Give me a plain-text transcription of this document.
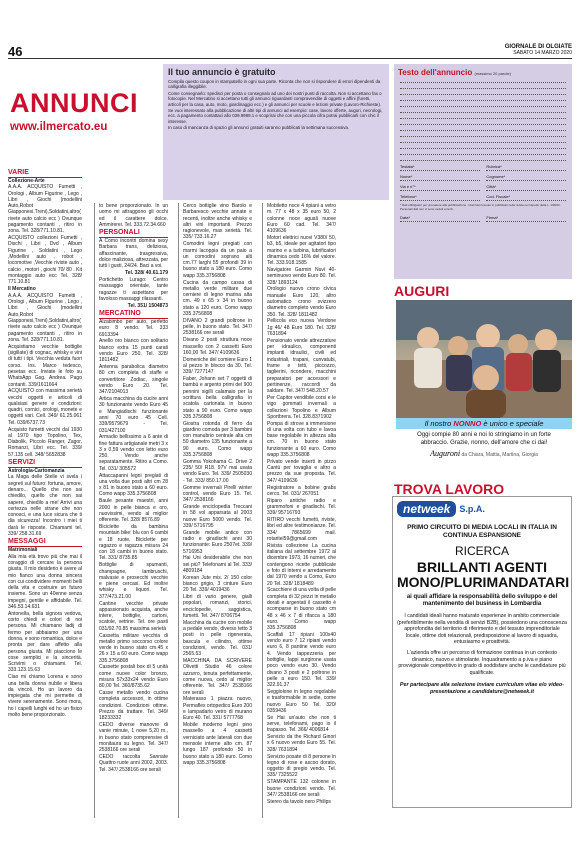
46	GIORNALE DI OLGIATE
SABATO 14 MARZO 2020
ANNUNCI
www.ilmercato.eu
Il tuo annuncio è gratuito

Compila questo coupon in stampatello in ogni sua parte. Riconta che non si rispondere di errori dipendenti da calligrafia illeggibile.

Come consegnarlo: spedisci per posta o consegnalo ad uno dei nostri punti di raccolta. Non si accettano fax o fotocopie. Nel Mercatino si accettano tutti gli annunci riguardanti compravendite di oggetti e affini (furetti, articoli per la casa, auto, moto, giardinaggio ecc.) e gli annunci per scuole e lezioni private (Lavoro-Richieste).

Se vuoi interessato alla pubblicazione di altri tipi di annunci ad esempio: case, lavoro offerte, auguri, necrologi, ecc. a pagamento contattaci allo 039.9989.1 e scoprirai che con una piccola cifra potrai pubblicarli con chic il interesse.

In caso di mancanza di spazio gli annunci gratuiti saranno pubblicati la settimana successiva.

Testo dell'annuncio (massimo 20 parole)
Testata*	Rubrica*
Nome*	Cognome*
Via e n°*	Città*
Telefono*	Cod. Fiscale*
* Dati obbligatori per procedere alla pubblicazione. I dati Nel ricevuto in pubblicati nella rivista nel rispetto della L. 196/03. Personali dati non ci sono ceduti ai terzi.
Data*	Firma*
VARIE
Collezione-Arte

A.A.A. ACQUISTO Fumetti , Orologi , Album Figurine , Lego , Libri , Giochi (modellini Auto,Robot Giapponesi,Treni),Soldatini,altro( rivete auto calcio ecc ) Ovunque pagamento contanti , ritiro in zona. Tel. 328/771.10.81.

ACQUISTO collezioni Fumetti , Dischi , Libri , Dvd , Album Figurine , Soldatini , Lego ,Modellini auto , robot , locomotive ,Vecchie riviste auto , calcio , motori , giochi 70/ 80 . Kit montaggio auto ecc Tel. 328/ 771.10.81

Il Mercatino

A.A.A. ACQUISTO Fumetti , Orologi , Album Figurine , Lego , Libri , Giochi (modellini Auto,Robot Giapponesi,Treni),Soldatini,altro( rivete auto calcio ecc ) Ovunque pagamento contanti , ritiro in zona. Tel. 328/771.10.81.

Acquistiamo vecchie bottiglie (sigillate) di cognac, whisky e vini di tutti i tipi. Vecchia veduta fuori corso. Ins. Marco tedesco, pesetas ecc. Inviate le foto su WhatsApp Gsg. Andrea. Pago contanti. 339/1611664

ACQUISTO con massima serietà vecchi oggetti e articoli di qualsiasi genere e condizioni: quadri, cornici, orologi, monete e oggetti vari. Cell. 349/ 61.25.061 Tel. 039/6737.73

Acquisto fumetti vecchi dal 1930 al 1970 tipo Topolino, Tex, Diabolik, Piccolo Ranger, Zagor, Romanzi, Libri ecc. Tel. 339/ 57.135 cell. 348/ 5652838

SERVIZI
Astrologia-Cartomanzia

La Maga delle Stelle vi svela i segreti sul futuro: fortuna, amore, denaro... Quello che non sai chiedilo, quello che non sai sapere, chiedilo a me! Arrivi una certezza nelle strane che non conosci, e una luce sicura che ti dia sicurezza! Incontro i miei ti darà le risposte. Chiamami tel. 339/ 258.31.69

MESSAGGI
Matrimoniali

Alla mia età trovo più che mai il coraggio di cercare la persona giusta. Il mio desiderio è avere al mio fianco una donna sincera con cui condividere momenti belli della vita e costruire un futuro insieme. Sono un 40enne senza impegni, gentile e affidabile. Tel. 346.53.14.631

Antonella, bella signora vedova, corto chiedi e colori di noi persona. Mi chiamano ladij di fermo per abbaiamo per una donna, e sono romantica, dolce e pronta per dare affetto alla persona giusta. Mi piacciono le cose semplici e la sincerità. Scrivimi o chiamami. Tel. 333.123.15.63

Ciao mi chiamo Lorena e sono una bella donna nubile e libera da vincoli. Ho un lavoro da impiegata che mi permette di vivere serenamente. Sono mora, ho i capelli lunghi ed ho un fisico molto bene proporzionato.

to bene proporzionato. In un uomo mi attraggono gli occhi ed il carattere dolce. Ammirerei. Tel. 333.72.34.660

PERSONALI

A Como incontri domina sexy Barbara trans, deliziosa, affascinante, trasgressiva, dolce maliziosa, attrezzata, per tutti i gusti, 24/24. Baci a voi.

Tel. 328/ 40.61.179

Portichetto Lurago: Centro massaggio orientale, tante ragazze ti aspettano per favoloso massaggi rilassanti.

Tel. 351/ 1504873

MERCATINO

Alzabimbo per auto, perfetto euro 8 vendo. Tel. 333 6913394

Anello oro bianco con solitario bianco extra 15 punti carati vendo Euro 250. Tel. 328/ 1811482

Antenna parabolica diametro 80 cm completa di staffe e convertitore Zodiac, singole vendo Euro 20. Tel. 347/2104013

Artica macchina da cucire anni 30 funzionante vendo Euro 45 e Mangiadischi funzionante anni 70 euro 45 Cell. 339/9579679 - Tel. 031/427100

Armadio bellissimo a 6 ante di fine fattura artigianale metri 3 x 3 x 0,59 vendo con letto euro 250. Vendo anche separatamente. Ritiro a Como. Tel. 031/ 305572

Attaccapanni legni pregiati di una volta due posti altri cm 28 x 81 in buono stato a 60 euro. Como wapp 335.3756808

Baule pesante maestri, anni 2000 in pelle bianca e oro, nuovissimi, vendo al miglior offerente. Tel. 328/ 8576.89

Biciclette da bambina mountain bike: blu con 6 cambi e 18 ruote. Biciclette per ragazzo e ragazza misura 24 con 18 cambi in buono stato. Tel. 331/ 8735.85

Bottiglie di spumanti, champagne, lambruschi, malvasie e prosecchi vecchie e piene cercasi. Ed inoltre whisky e liquori. Tel. 377/473.21.00

Cantine vecchie private appassionato acquista, anche intere, bottiglie, cartoni, scatole, vetrine. Tel. ore pasti 031/92.70.85 massima serietà

Cassetta militare vecchia di metallo primo soccorso colore verde in buono stato cm.45 x 26 x 15 a 60 euro. Como wapp 335.3756808

Cassette postali box di 5 unità come nuove color bronzo, misura 57x33x24 vendo Euro 80,00 Tel. 360/8735.62

Casse metallo vendo cucina completa accessori, in ottime condizioni. Condizioni ottime. Prezzo da trattare. Tel. 349/ 18233332

CEDO diverse manovre di vanie minuie, 1 nove 5,20 m., in buono stato comprensive di monitaura su legno. Tel. 347/ 2538166 ore serali

CEDO raccolta Sannate Quattro ruote anni 2002, 2003. Tel. 347/ 2538166 ore serali

Cerco bottiglie vino Barolo e Barbaresco vecchie annate e recenti, inoltre anche whisky e altri vini importanti. Prezzo ragionevole, max serietà. Tel. 335/ 733.16.27

Comodini legni pregiati con marmi lacoppia da un paio a un comodini soprano alti cm.77 larghi 55 profondi 39 in buono stato a 180 euro. Como wapp 335.3756808

Cucina da campo cassa di metallo verde militare due cerniere di legno marina alta cm. 49 x 65 x 34 in buono stato a 120 euro. Como wapp 335.3756808

DIVANO 2 grandi poltrone in pelle, in buono stato. Tel. 347/ 2538166 ore serali

Divano 2 posti struttura noce massello con 2 cassetti Euro 160,00 Tel. 347/ 4109636

Domeniche del comiere Euro 1 al pezzo in blocco da 30. Tel. 339/ 7277147

Faber, Johann set 7 oggetti di bambù e argento primi del 900 pennini sigilli calamaio per la scrittura bella calligrafia in scatola cartonata in buono stato a 90 euro. Como wapp 335.3756808

Giostra rotonda di ferro da giardino comoda per 3 bambini con manubrio centrale alta cm 50 diametro 135 funzionante a 90 euro. Como wapp 335.3756808

Gomma Yokohama C. Drive 2 235/ 50/ R18. 97V mai usata vendo Euro. Tel. 339/ 2505030 - Tel. 333/ 850.17.00

Gomme invernali Pirelli winter control, vendo Euro 15. Tel. 347/ 2538166

Grande enciclopedia Treccani in 58 vol apparsata al 2003 nuove Euro 5000 vendo. Tel. 339/ 5716795

Grande mobile antico con radio e giradischi anni 30 funzionante: Euro 2507et. 339/ 5716953

Hai Uni desiderabile che non sei più? Telefonami al Tel. 333/ 4809184

Korean Jute mis. 2/ 150 color bianco grigio, 3 cinture Euro 20 Tel. 339/ 4019436

Libri di vario genere, gialli popolari, romanzi, storici, enciclopedie, saggistica, fumetti. Tel. 347/ 8706754

Macchina da cucire con mobile a pedale vendo, diverso tetto 3 posti in pelle rigenerata, bascula e cilindro, ottime condizioni, vendo. Tel. 031/ 2565.53

MACCHINA DA SCRIVERE Olivetti Studio 46 colore azzurro, tenuta perfettamente, come nuova, cedo al miglior offerente. Tel. 347/ 2538166 ore serali

Materasso 1 piazza nuovo, Permaflex ortopedico Euro 200 e lampadario vetro di murano Euro 40. Tel. 331/ 5777768

Mobile moderno legni pino massello a 4 cassetti verniciato ante laterali con due mensole interne alto cm. 87 lungo 187 profondo 50 in buono stato a 180 euro. Como wapp 335.3756808

Mobiletto noce 4 ripiani a vetro m. 77 x 48 x 35 euro 50, 2 colonne noce aguali nuove Euro 60 cad. Tel. 347/ 4109636

Motori elettrici nuovi V380/ 50, b3, b5, ideale per agitatori tipo marino e a turbina, lubrificatori dinamica cedo 16% del valore. Tel. 333.918.1585

Navigatore Garmin Nuvi 40- seminuovo vendo Euro 80. Tel. 328/ 1893124

Orologio nuovo crono civica manuale Euro 120, altro automatico crono svizzero diametro completo vendo Euro 350. Tel. 328/ 1811482

Pellicola eco nuova Verdone 1g 46/ 48 Euro 180. Tel. 328/ 7631894

Pensionato vende attrezzature per idraulico, componenti impianti idraulici, civili ed industriali, trapani, cunvatubi, frame e tetti, piccozzo, taglierini, ricondere, macchini preparatori per accessori e pertinenze, raccordi da saldare. Tel. 347/ 548.20.57

Per Capitor vendibile corsi e le vigo gommati invernali a collezioni Topolino e Album Sportbrera. Tel. 328.8371902

Pompa di strove a immersione di una volta con tubo e lavoa base regolabile in altezza alta cm. 70 in buono stato funzionante a 60 euro. Como wapp 335.3756808

Privato vende inserti in pizzo Cantù per tovaglia e altro a prezzo da sue proposta. Tel. 347/ 4109636

Registratore a bobine grabs cerco. Tel. 031/ 267051

Riparo antiche radio e grammofoni e giradischi. Tel. 339/ 95716793

RITIRO vecchi fumetti, riviste, libri ed altre testimonianze. Tel. 334/ 7865699 mail. rotaritel59@gmail.com

Rivista collezione La cucina italiana dal settembre 1972 al dicembre 1973, 16 numeri, che contengono ricette pubblicate e foto di interni e arredamento dal 1970 vendo a Como, Euro 20 Tel. 328/ 1818489

Scacchiere di una volta di pelle completa di 32 pezzi in metallo dorati e argentati il cassetto è scomparse in buono stato cm 48 x 46 x 7 di rifacca a 180 euro. Como wapp 335.3756808

Scaffali 17 ripiani 100x40 vendo euro 7 12 ripiani vendo euro 6, 8 pantine vendo euro 4. Vendo tappezzeria per bottiglie, lappi surgirone usata poco vendo euro 30. Vendo divano 3 posti e 2 poltrone in pelle a euro 150. Tel. 339/ 322.91.37

Seggiolone in legno regolabile e trasformabile in sedie, come nuovo Euro 50 Tel. 320/ 0359436

Se Hai un'auto che non ti serve, telefonami, pago io il trapasso. Tel. 366/ 4006814

Servizio da the Richard Ginori x 6 nuovo vendo Euro 55. Tel. 328/ 7631894

Servizio posate di 8 persone in legno di rose e ascoo dorato, oggetto di pregio vendo. Tel. 335/ 7325522

STAMPANTE 132 colonne in buone condizioni vendo. Tel. 347/ 2538166 ore serali

Stereo da tavolo nero Philips

AUGURI
Il nostro NONNO è unico e speciale
Oggi compie 80 anni e noi lo stringiamo in un forte
abbraccio. Grazie, nonno, dell'amore che ci dai!
Auguroni da Chiara, Mattia, Martina, Giorgia
TROVA LAVORO
netweek	S.p.A.
PRIMO CIRCUITO DI MEDIA LOCALI IN ITALIA IN CONTINUA ESPANSIONE
RICERCA
BRILLANTI AGENTI MONO/PLURIMANDATARI
ai quali affidare la responsabilità dello sviluppo e del mantenimento del business in Lombardia
I candidati ideali hanno maturato esperienze in ambito commerciale (preferibilmente nella vendita di servizi B2B), possiedono una conoscenza approfondita del territorio di riferimento e del tessuto imprenditoriale locale, ottime doti relazionali, predisposizione al lavoro di squadra, entusiasmo e proattività.
L'azienda offre un percorso di formazione continua in un contesto dinamico, nuovo e stimolante. Inquadramento a p.iva e piano provvigionale competitivo in grado di soddisfare anche le candidature più qualificate.
Per partecipare alla selezione inviare curriculum vitae e/o video-presentazione a candidature@netweek.it
